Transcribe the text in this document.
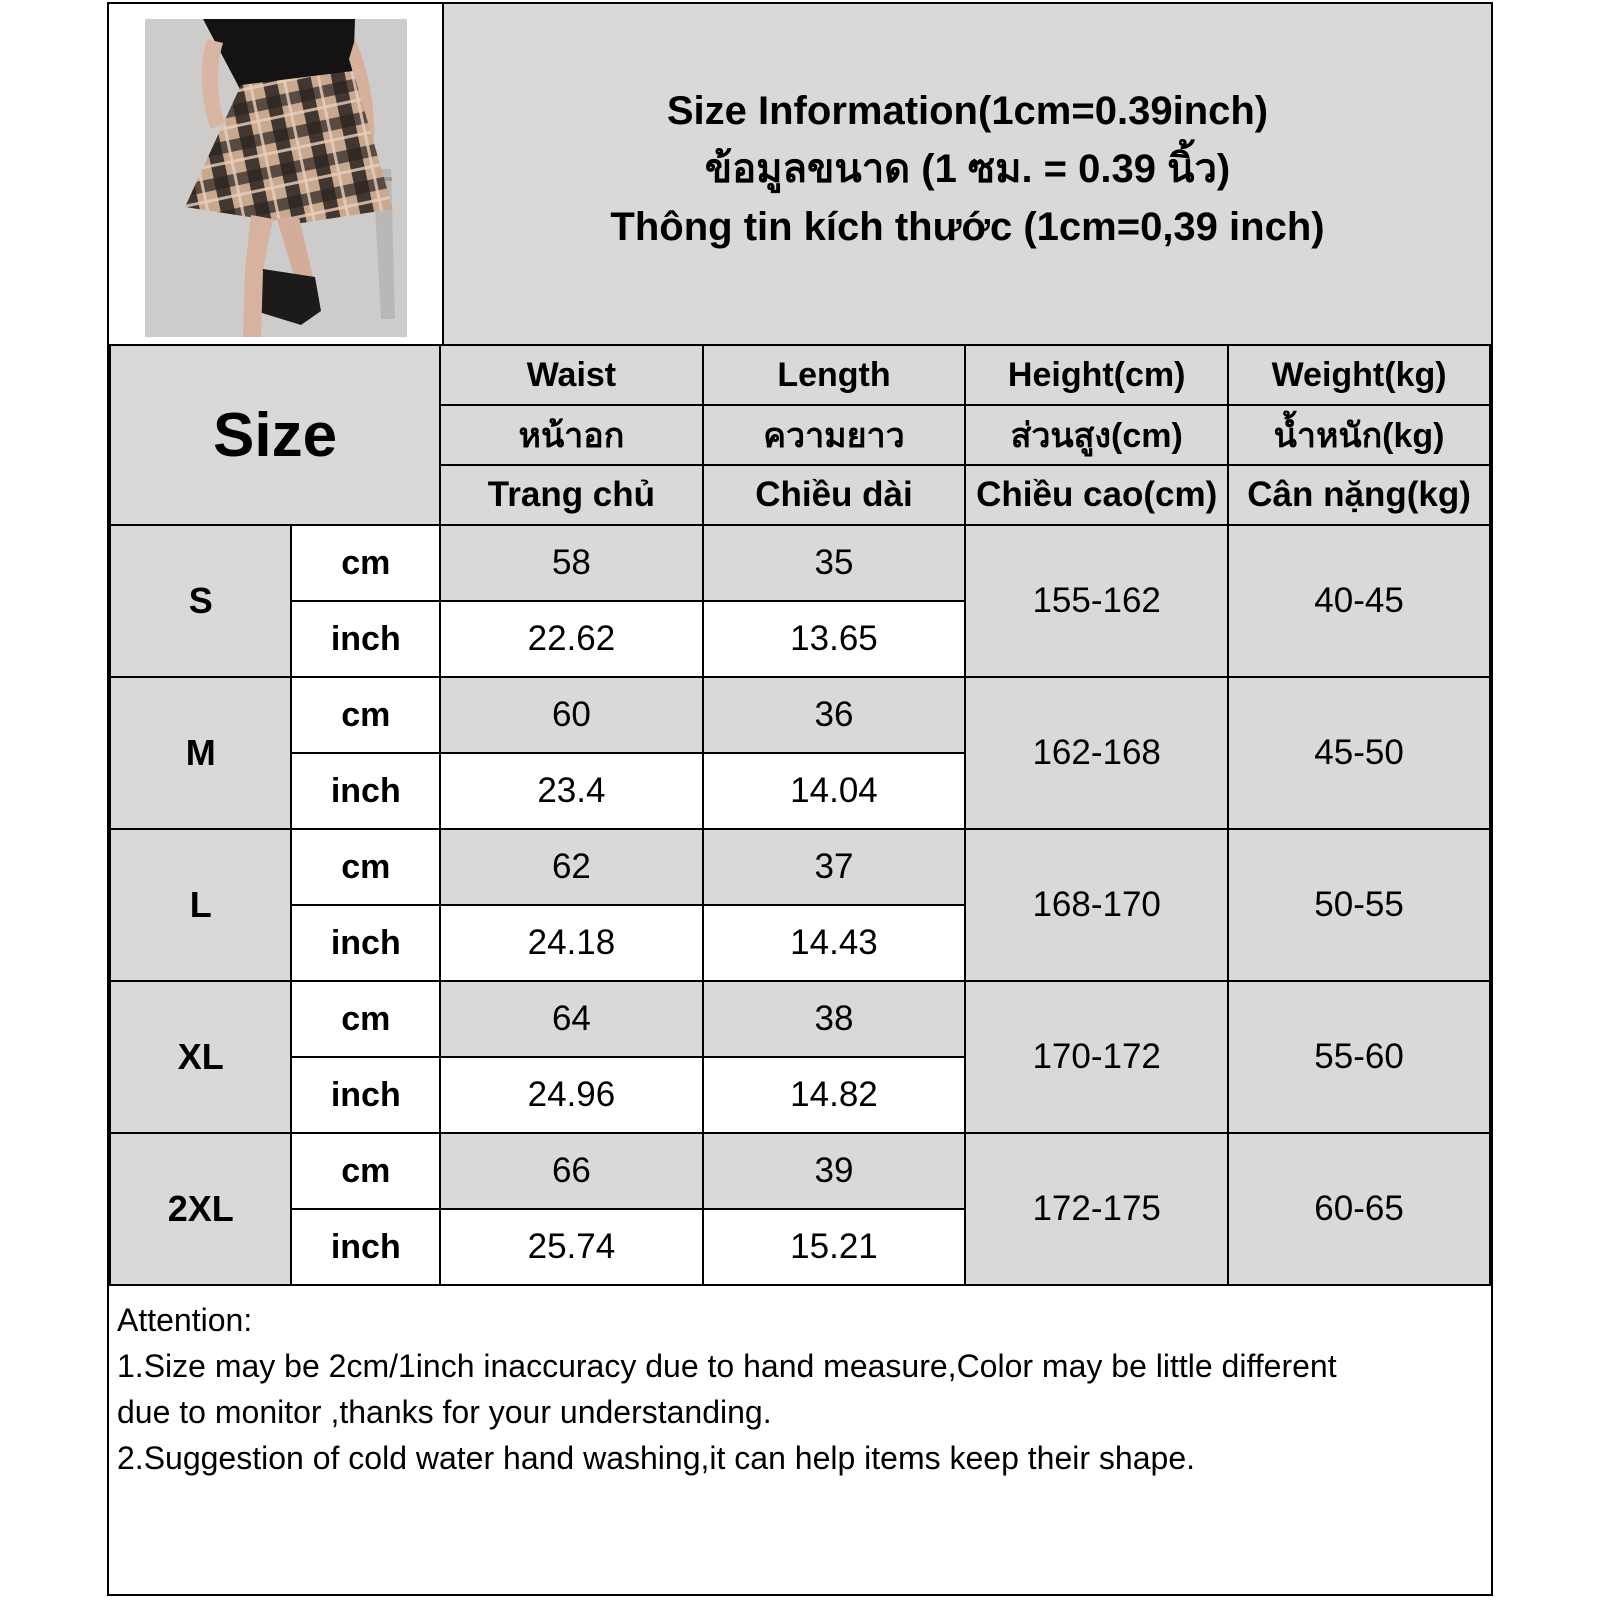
Size Information(1cm=0.39inch)
ข้อมูลขนาด (1 ซม. = 0.39 นิ้ว)
Thông tin kích thước (1cm=0,39 inch)
Size		Waist	Length	Height(cm)	Weight(kg)
		หน้าอก	ความยาว	ส่วนสูง(cm)	น้ำหนัก(kg)
		Trang chủ	Chiều dài	Chiều cao(cm)	Cân nặng(kg)
S	cm	58	35	155-162	40-45
	inch	22.62	13.65		
M	cm	60	36	162-168	45-50
	inch	23.4	14.04		
L	cm	62	37	168-170	50-55
	inch	24.18	14.43		
XL	cm	64	38	170-172	55-60
	inch	24.96	14.82		
2XL	cm	66	39	172-175	60-65
	inch	25.74	15.21		
Attention:
1.Size may be 2cm/1inch inaccuracy due to hand measure,Color may be little different
due to monitor ,thanks for your understanding.
2.Suggestion of cold water hand washing,it can help items keep their shape.
